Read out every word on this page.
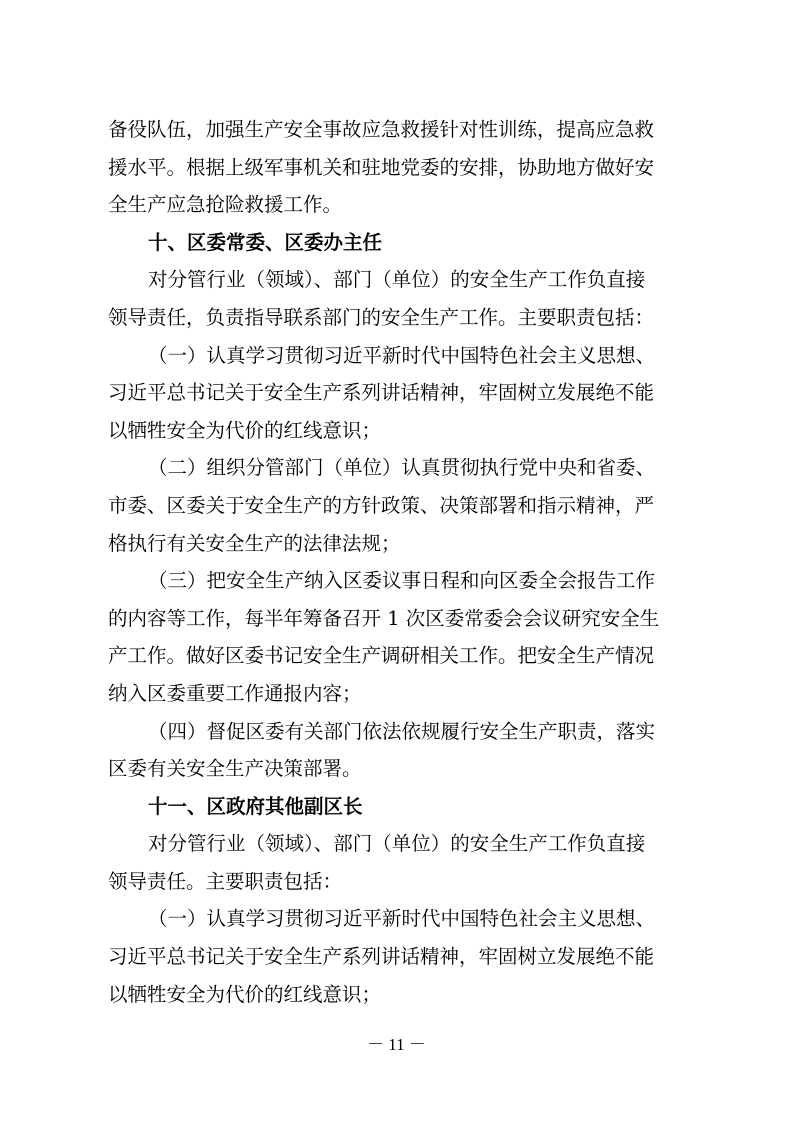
备役队伍，加强生产安全事故应急救援针对性训练，提高应急救
援水平。根据上级军事机关和驻地党委的安排，协助地方做好安
全生产应急抢险救援工作。
十、区委常委、区委办主任
对分管行业（领域）、部门（单位）的安全生产工作负直接
领导责任，负责指导联系部门的安全生产工作。主要职责包括：
（一）认真学习贯彻习近平新时代中国特色社会主义思想、
习近平总书记关于安全生产系列讲话精神，牢固树立发展绝不能
以牺牲安全为代价的红线意识；
（二）组织分管部门（单位）认真贯彻执行党中央和省委、
市委、区委关于安全生产的方针政策、决策部署和指示精神，严
格执行有关安全生产的法律法规；
（三）把安全生产纳入区委议事日程和向区委全会报告工作
的内容等工作，每半年筹备召开 1 次区委常委会会议研究安全生
产工作。做好区委书记安全生产调研相关工作。把安全生产情况
纳入区委重要工作通报内容；
（四）督促区委有关部门依法依规履行安全生产职责，落实
区委有关安全生产决策部署。
十一、区政府其他副区长
对分管行业（领域）、部门（单位）的安全生产工作负直接
领导责任。主要职责包括：
（一）认真学习贯彻习近平新时代中国特色社会主义思想、
习近平总书记关于安全生产系列讲话精神，牢固树立发展绝不能
以牺牲安全为代价的红线意识；
－ 11 －
